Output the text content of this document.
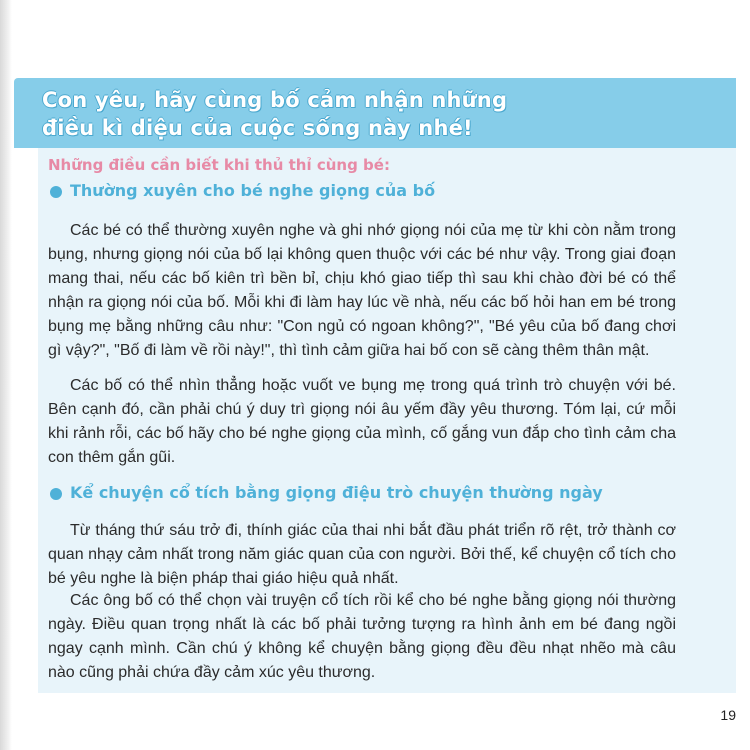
Con yêu, hãy cùng bố cảm nhận những
điều kì diệu của cuộc sống này nhé!
Những điều cần biết khi thủ thỉ cùng bé:
Thường xuyên cho bé nghe giọng của bố

Các bé có thể thường xuyên nghe và ghi nhớ giọng nói của mẹ từ khi còn nằm trong bụng, nhưng giọng nói của bố lại không quen thuộc với các bé như vậy. Trong giai đoạn mang thai, nếu các bố kiên trì bền bỉ, chịu khó giao tiếp thì sau khi chào đời bé có thể nhận ra giọng nói của bố. Mỗi khi đi làm hay lúc về nhà, nếu các bố hỏi han em bé trong bụng mẹ bằng những câu như: "Con ngủ có ngoan không?", "Bé yêu của bố đang chơi gì vậy?", "Bố đi làm về rồi này!", thì tình cảm giữa hai bố con sẽ càng thêm thân mật.

Các bố có thể nhìn thẳng hoặc vuốt ve bụng mẹ trong quá trình trò chuyện với bé. Bên cạnh đó, cần phải chú ý duy trì giọng nói âu yếm đầy yêu thương. Tóm lại, cứ mỗi khi rảnh rỗi, các bố hãy cho bé nghe giọng của mình, cố gắng vun đắp cho tình cảm cha con thêm gắn gũi.

Kể chuyện cổ tích bằng giọng điệu trò chuyện thường ngày

Từ tháng thứ sáu trở đi, thính giác của thai nhi bắt đầu phát triển rõ rệt, trở thành cơ quan nhạy cảm nhất trong năm giác quan của con người. Bởi thế, kể chuyện cổ tích cho bé yêu nghe là biện pháp thai giáo hiệu quả nhất.

Các ông bố có thể chọn vài truyện cổ tích rồi kể cho bé nghe bằng giọng nói thường ngày. Điều quan trọng nhất là các bố phải tưởng tượng ra hình ảnh em bé đang ngồi ngay cạnh mình. Cần chú ý không kể chuyện bằng giọng đều đều nhạt nhẽo mà câu nào cũng phải chứa đầy cảm xúc yêu thương.

19
